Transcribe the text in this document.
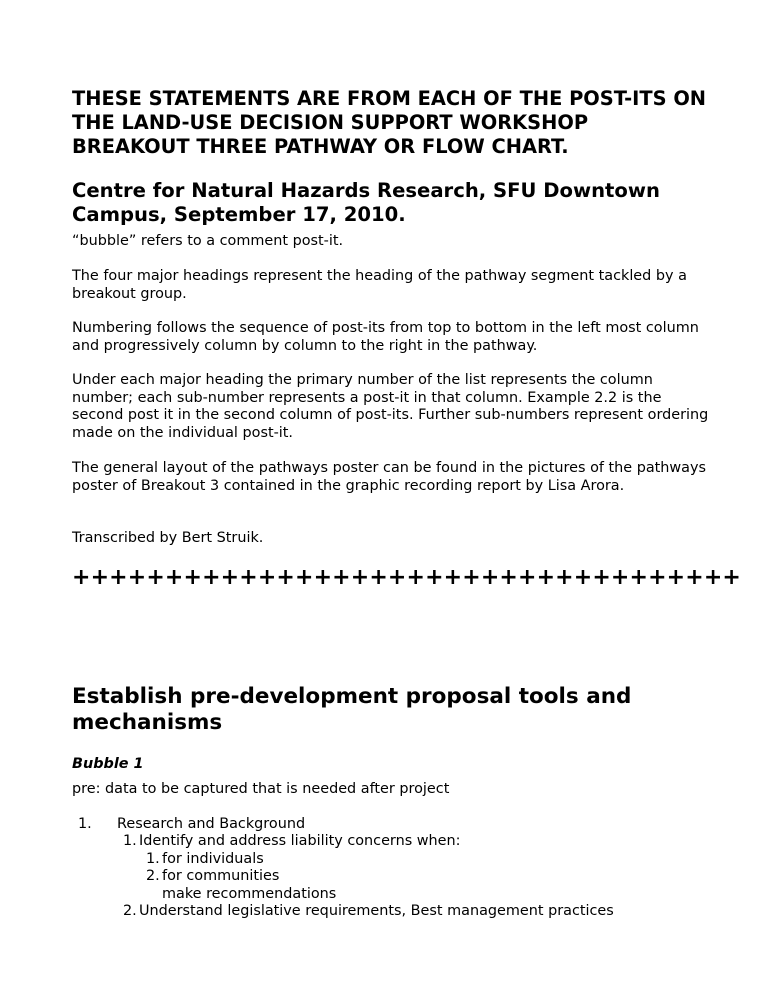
THESE STATEMENTS ARE FROM EACH OF THE POST-ITS ON THE LAND-USE DECISION SUPPORT WORKSHOP BREAKOUT THREE PATHWAY OR FLOW CHART.
Centre for Natural Hazards Research, SFU Downtown Campus, September 17, 2010.

“bubble” refers to a comment post-it.

The four major headings represent the heading of the pathway segment tackled by a breakout group.

Numbering follows the sequence of post-its from top to bottom in the left most column and progressively column by column to the right in the pathway.

Under each major heading the primary number of the list represents the column number; each sub-number represents a post-it in that column. Example 2.2 is the second post it in the second column of post-its. Further sub-numbers represent ordering made on the individual post-it.

The general layout of the pathways poster can be found in the pictures of the pathways poster of Breakout 3 contained in the graphic recording report by Lisa Arora.

Transcribed by Bert Struik.

++++++++++++++++++++++++++++++++++++
Establish pre-development proposal tools and mechanisms
Bubble 1

pre: data to be captured that is needed after project

1. Research and Background
1. Identify and address liability concerns when:
1. for individuals
2. for communities
make recommendations
2. Understand legislative requirements, Best management practices
